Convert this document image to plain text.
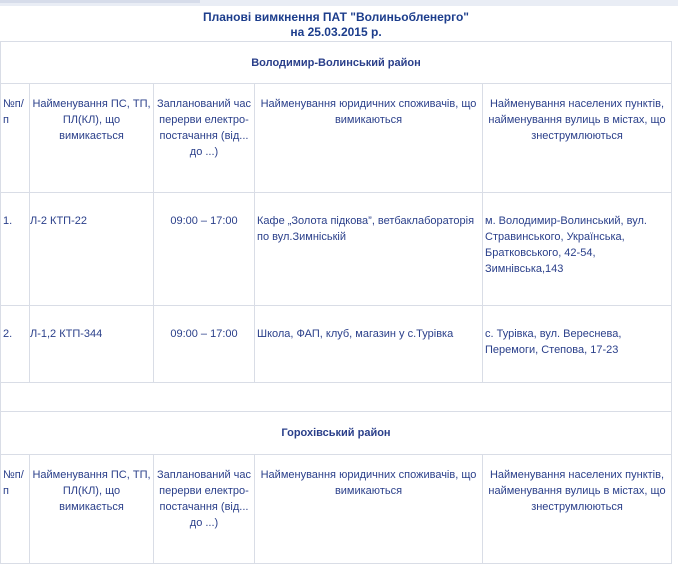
Планові вимкнення ПАТ "Волиньобленерго"
на 25.03.2015 р.
Володимир-Волинський район				
№п/п	Найменування ПС, ТП, ПЛ(КЛ), що вимикається	Запланований час перерви електро-постачання (від... до ...)	Найменування юридичних споживачів, що вимикаються	Найменування населених пунктів, найменування вулиць в містах, що знеструмлюються
1.	Л-2 КТП-22	09:00 – 17:00	Кафе „Золота підкова”, ветбаклабораторія по вул.Зимнiській	м. Володимир-Волинський, вул. Стравинського, Українська, Братковського, 42-54, Зимнівська,143
2.	Л-1,2 КТП-344	09:00 – 17:00	Школа, ФАП, клуб, магазин у с.Турівка	с. Турівка, вул. Вереснева, Перемоги, Степова, 17-23

Горохівський район				
№п/п	Найменування ПС, ТП, ПЛ(КЛ), що вимикається	Запланований час перерви електро-постачання (від... до ...)	Найменування юридичних споживачів, що вимикаються	Найменування населених пунктів, найменування вулиць в містах, що знеструмлюються
